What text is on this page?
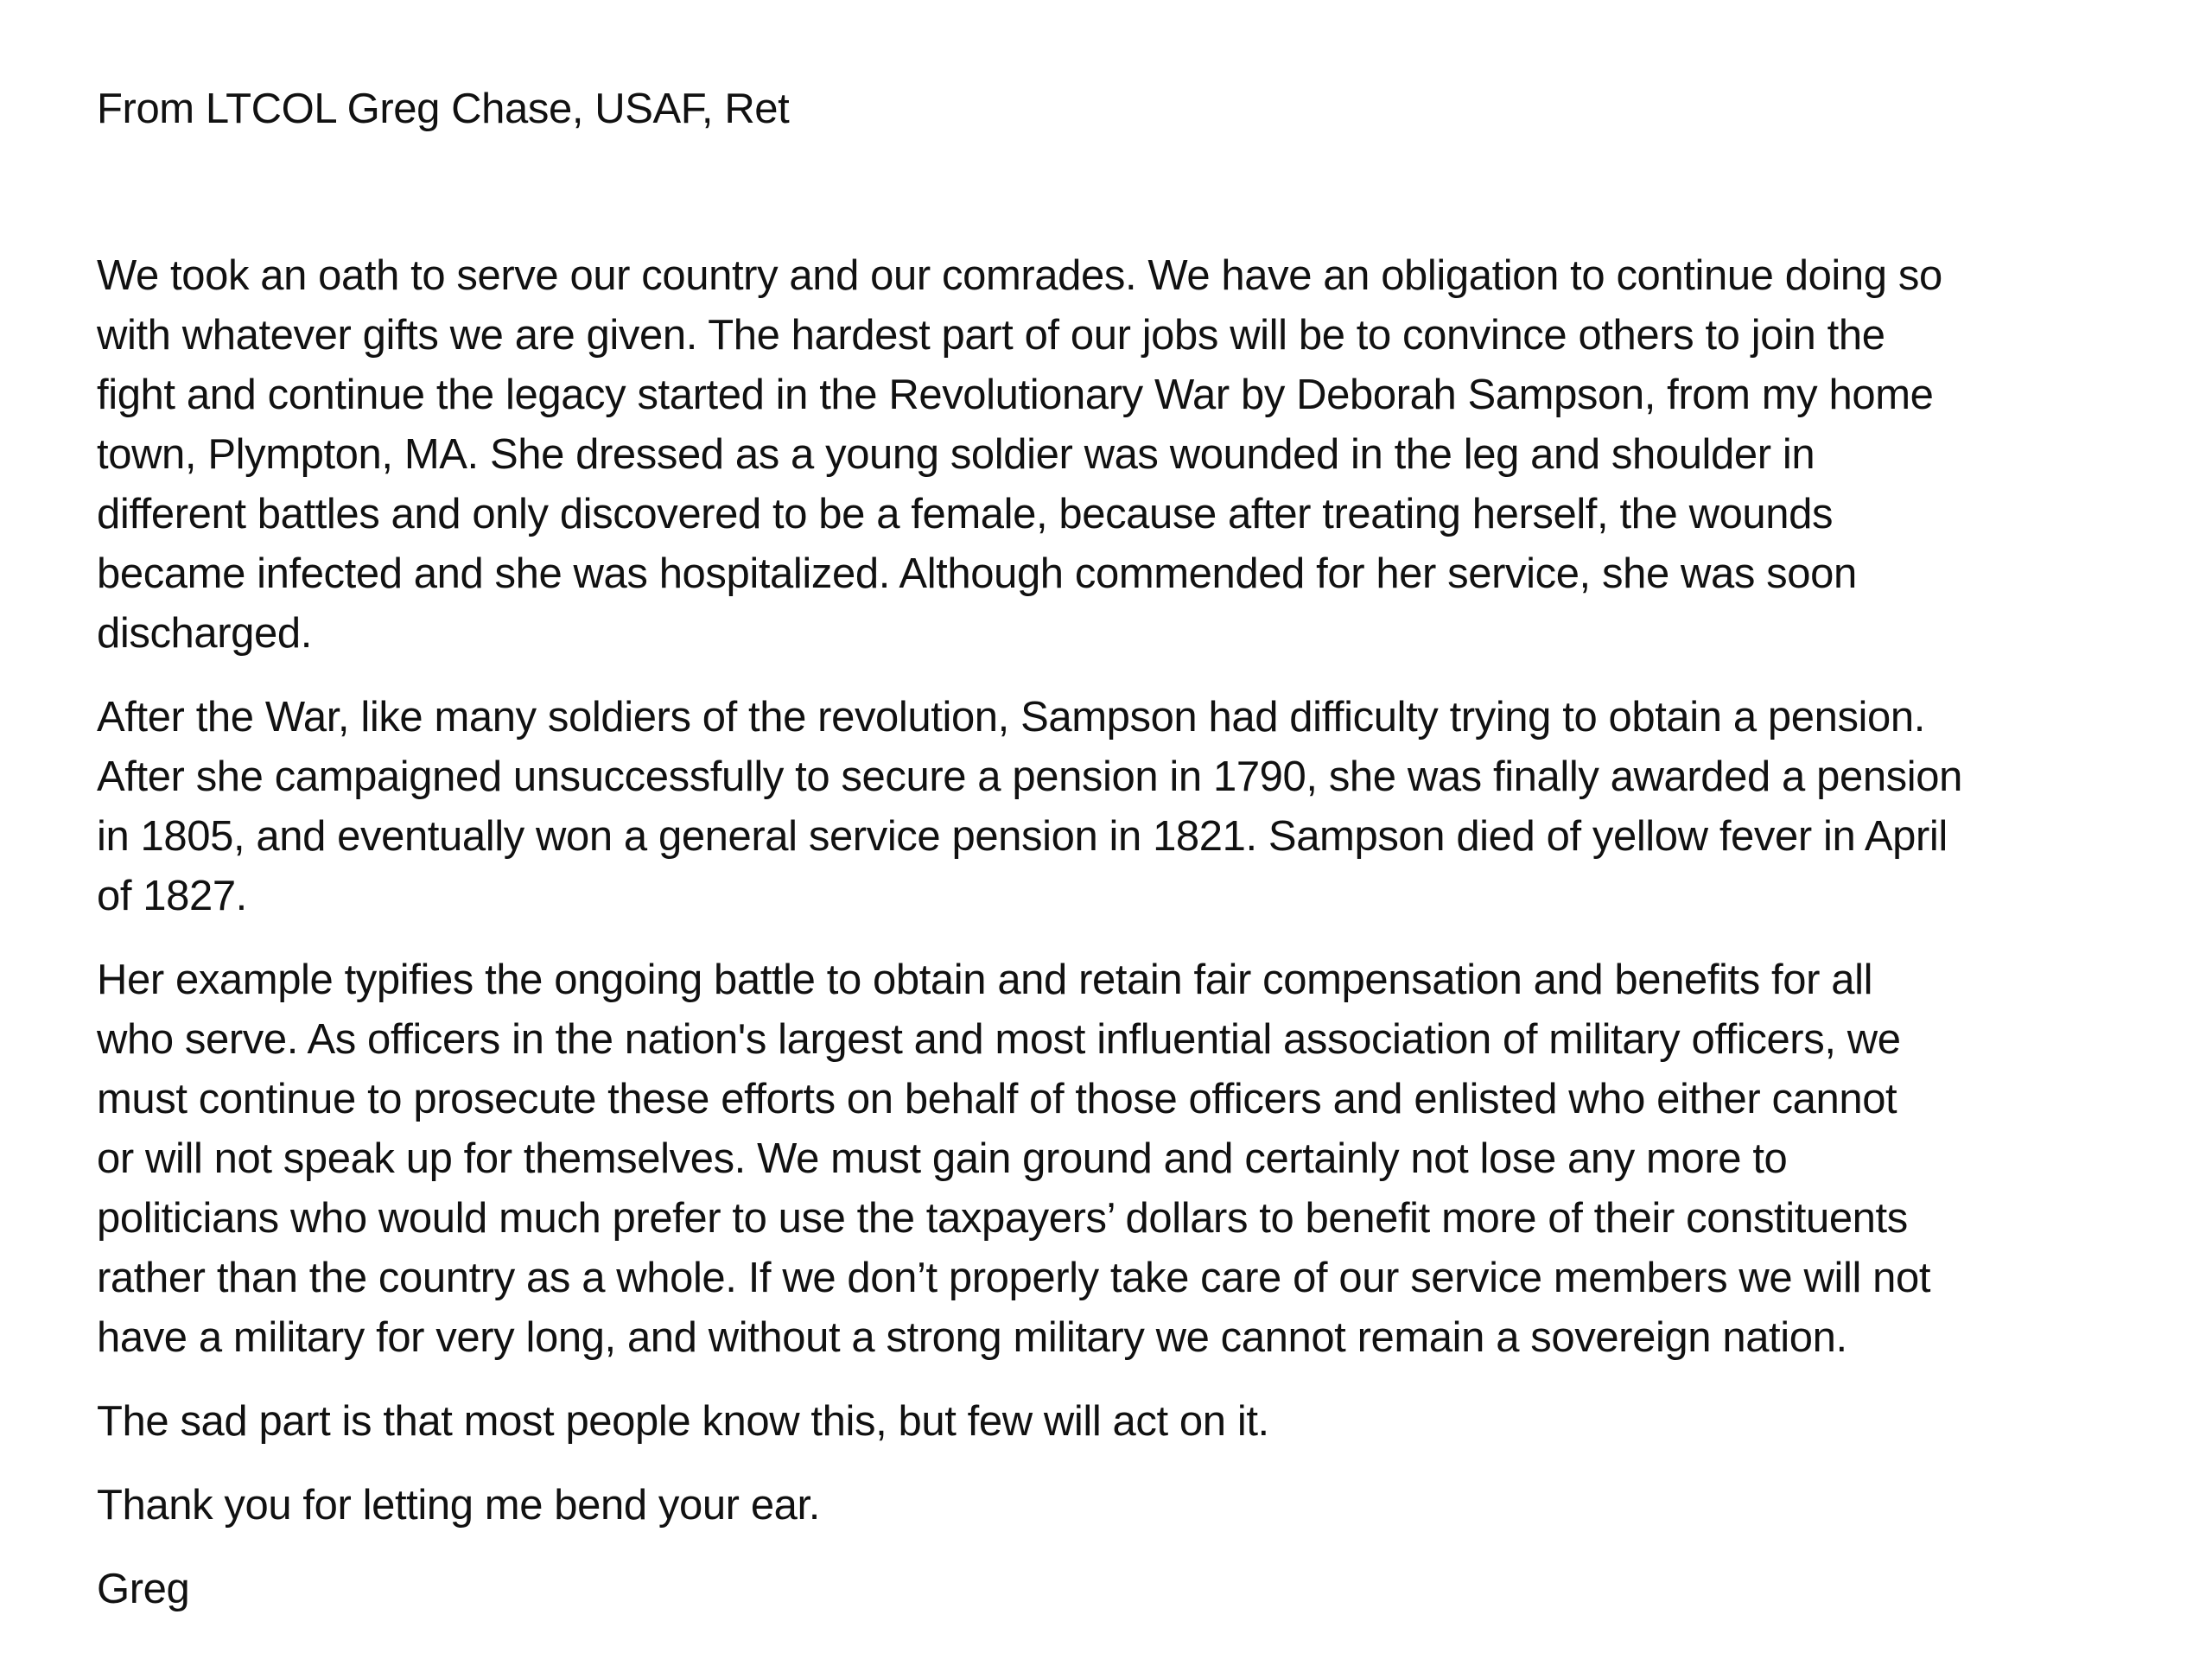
From LTCOL Greg Chase, USAF, Ret

We took an oath to serve our country and our comrades. We have an obligation to continue doing so
with whatever gifts we are given. The hardest part of our jobs will be to convince others to join the
fight and continue the legacy started in the Revolutionary War by Deborah Sampson, from my home
town, Plympton, MA. She dressed as a young soldier was wounded in the leg and shoulder in
different battles and only discovered to be a female, because after treating herself, the wounds
became infected and she was hospitalized. Although commended for her service, she was soon
discharged.

After the War, like many soldiers of the revolution, Sampson had difficulty trying to obtain a pension.
After she campaigned unsuccessfully to secure a pension in 1790, she was finally awarded a pension
in 1805, and eventually won a general service pension in 1821. Sampson died of yellow fever in April
of 1827.

Her example typifies the ongoing battle to obtain and retain fair compensation and benefits for all
who serve. As officers in the nation's largest and most influential association of military officers, we
must continue to prosecute these efforts on behalf of those officers and enlisted who either cannot
or will not speak up for themselves. We must gain ground and certainly not lose any more to
politicians who would much prefer to use the taxpayers’ dollars to benefit more of their constituents
rather than the country as a whole. If we don’t properly take care of our service members we will not
have a military for very long, and without a strong military we cannot remain a sovereign nation.

The sad part is that most people know this, but few will act on it.

Thank you for letting me bend your ear.

Greg
